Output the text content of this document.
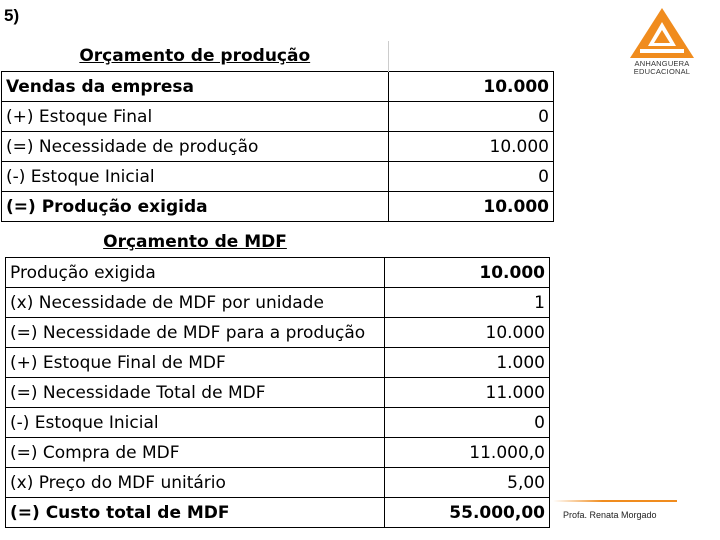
5)
ANHANGUERA
EDUCACIONAL
Orçamento de produção	
Vendas da empresa	10.000
(+) Estoque Final	0
(=) Necessidade de produção	10.000
(-) Estoque Inicial	0
(=) Produção exigida	10.000
Orçamento de MDF	
Produção exigida	10.000
(x) Necessidade de MDF por unidade	1
(=) Necessidade de MDF para a produção	10.000
(+) Estoque Final de MDF	1.000
(=) Necessidade Total de MDF	11.000
(-) Estoque Inicial	0
(=) Compra de MDF	11.000,0
(x) Preço do MDF unitário	5,00
(=) Custo total de MDF	55.000,00 Profa. Renata Morgado
